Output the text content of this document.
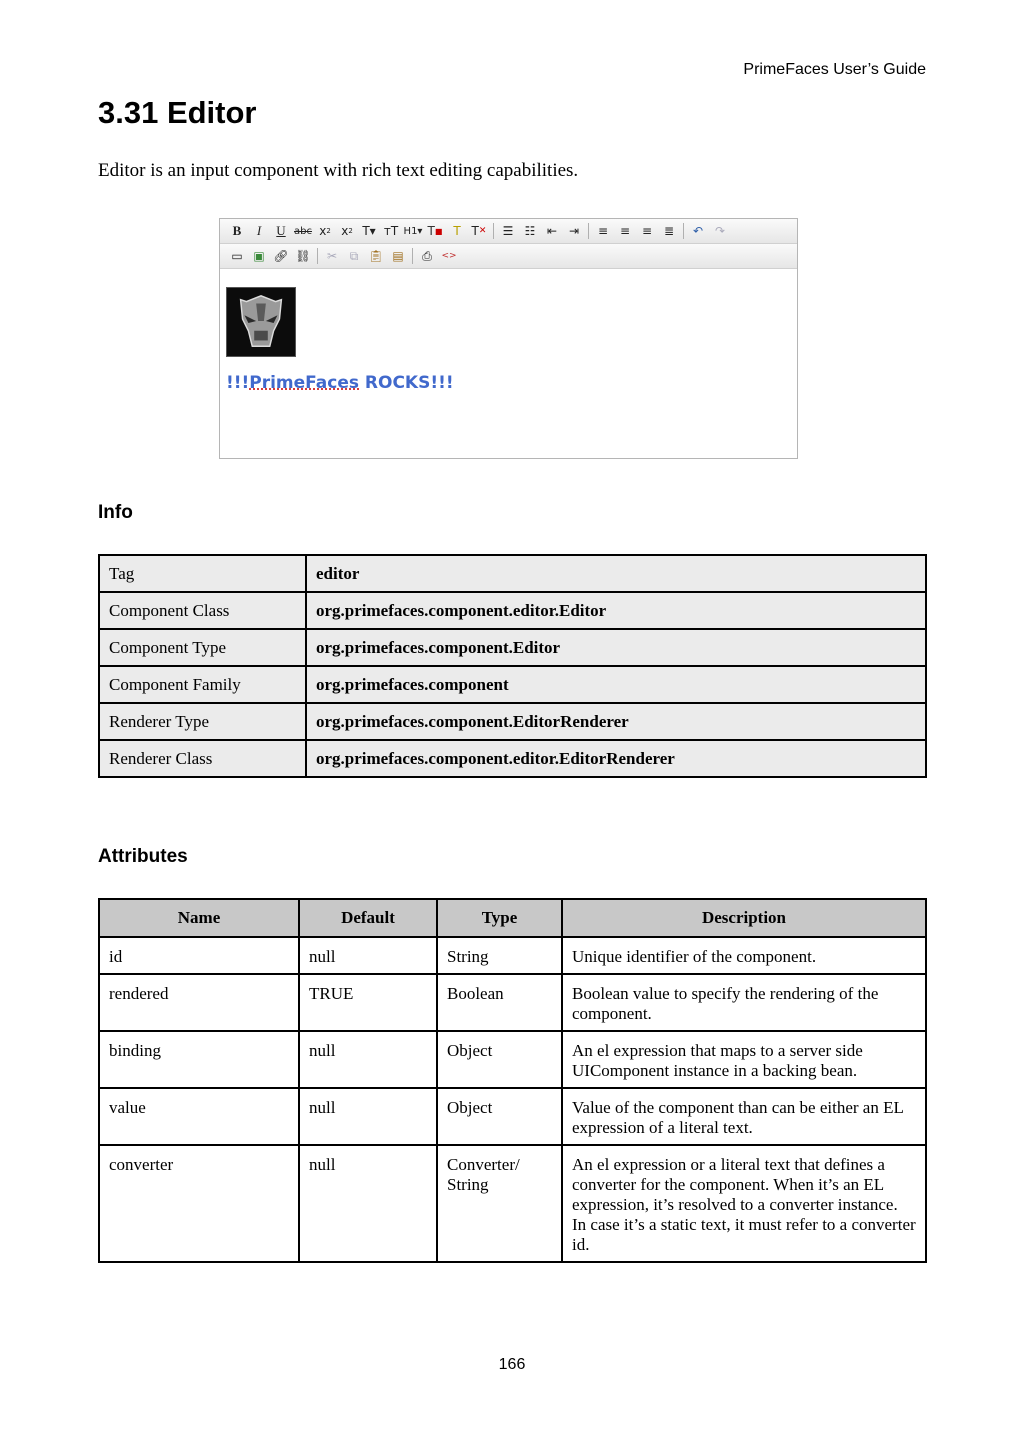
PrimeFaces User’s Guide
3.31 Editor

Editor is an input component with rich text editing capabilities.

B I U abc x 2 x 2 T▾ тT H1▾ T ■ T T ✕	☰ ☷ ⇤ ⇥	≡ ≡ ≡ ≣	↶ ↷
▭ ▣ 🔗︎ ⛓	✂	⧉ 📋︎ ▤	⎙	<>
!!!PrimeFaces ROCKS!!!
Info
Tag	editor
Component Class	org.primefaces.component.editor.Editor
Component Type	org.primefaces.component.Editor
Component Family	org.primefaces.component
Renderer Type	org.primefaces.component.EditorRenderer
Renderer Class	org.primefaces.component.editor.EditorRenderer
Attributes
Name	Default	Type	Description
id	null	String	Unique identifier of the component.
rendered	TRUE	Boolean	Boolean value to specify the rendering of the component.
binding	null	Object	An el expression that maps to a server side UIComponent instance in a backing bean.
value	null	Object	Value of the component than can be either an EL expression of a literal text.
converter	null	Converter/ String	An el expression or a literal text that defines a converter for the component. When it’s an EL expression, it’s resolved to a converter instance. In case it’s a static text, it must refer to a converter id.
166
